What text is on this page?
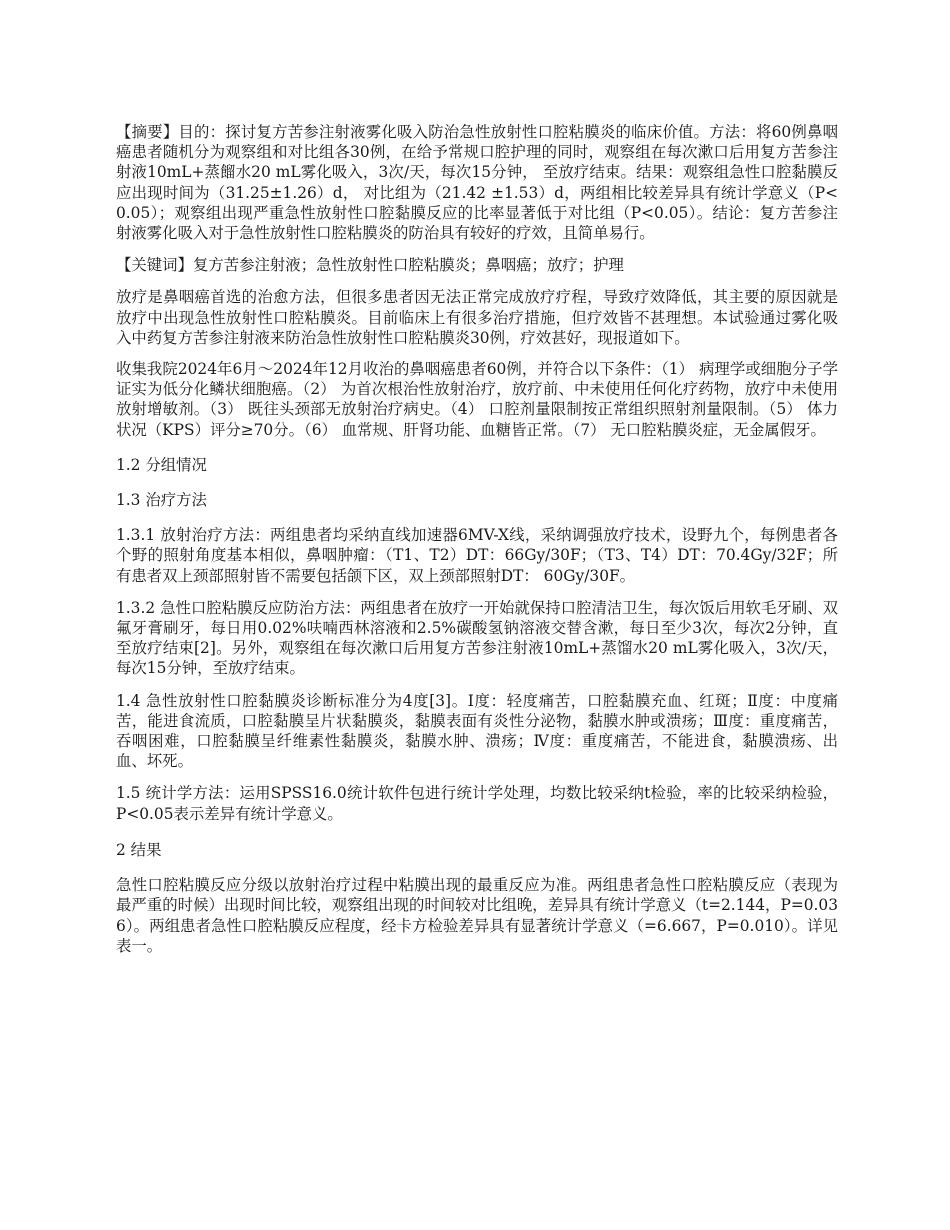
【摘要】目的：探讨复方苦参注射液雾化吸入防治急性放射性口腔粘膜炎的临床价值。方法：将60例鼻咽癌患者随机分为观察组和对比组各30例，在给予常规口腔护理的同时，观察组在每次漱口后用复方苦参注射液10mL+蒸餾水20 mL雾化吸入，3次/天，每次15分钟， 至放疗结束。结果：观察组急性口腔黏膜反应出现时间为（31.25±1.26）d， 对比组为（21.42 ±1.53）d，两组相比较差异具有统计学意义（P<0.05）；观察组出现严重急性放射性口腔黏膜反应的比率显著低于对比组（P<0.05）。结论：复方苦参注射液雾化吸入对于急性放射性口腔粘膜炎的防治具有较好的疗效，且简单易行。

【关键词】复方苦参注射液；急性放射性口腔粘膜炎；鼻咽癌；放疗；护理

放疗是鼻咽癌首选的治愈方法，但很多患者因无法正常完成放疗疗程，导致疗效降低，其主要的原因就是放疗中出现急性放射性口腔粘膜炎。目前临床上有很多治疗措施，但疗效皆不甚理想。本试验通过雾化吸入中药复方苦参注射液来防治急性放射性口腔粘膜炎30例，疗效甚好，现报道如下。

收集我院2024年6月～2024年12月收治的鼻咽癌患者60例，并符合以下条件：（1） 病理学或细胞分子学证实为低分化鳞状细胞癌。（2） 为首次根治性放射治疗，放疗前、中未使用任何化疗药物，放疗中未使用放射增敏剂。（3） 既往头颈部无放射治疗病史。（4） 口腔剂量限制按正常组织照射剂量限制。（5） 体力状况（KPS）评分≥70分。（6） 血常规、肝肾功能、血糖皆正常。（7） 无口腔粘膜炎症，无金属假牙。

1.2 分组情况

1.3 治疗方法

1.3.1 放射治疗方法：两组患者均采纳直线加速器6MV-X线，采纳调强放疗技术，设野九个，每例患者各个野的照射角度基本相似，鼻咽肿瘤：（T1、T2）DT：66Gy/30F；（T3、T4）DT：70.4Gy/32F；所有患者双上颈部照射皆不需要包括颌下区，双上颈部照射DT： 60Gy/30F。

1.3.2 急性口腔粘膜反应防治方法：两组患者在放疗一开始就保持口腔清洁卫生，每次饭后用软毛牙刷、双氟牙膏刷牙，每日用0.02%呋喃西林溶液和2.5%碳酸氢钠溶液交替含漱，每日至少3次，每次2分钟，直至放疗结束[2]。另外，观察组在每次漱口后用复方苦参注射液10mL+蒸馏水20 mL雾化吸入，3次/天，每次15分钟，至放疗结束。

1.4 急性放射性口腔黏膜炎诊断标准分为4度[3]。Ⅰ度：轻度痛苦，口腔黏膜充血、红斑；Ⅱ度：中度痛苦，能进食流质，口腔黏膜呈片状黏膜炎，黏膜表面有炎性分泌物，黏膜水肿或溃疡；Ⅲ度：重度痛苦，吞咽困难，口腔黏膜呈纤维素性黏膜炎，黏膜水肿、溃疡；Ⅳ度：重度痛苦，不能进食，黏膜溃疡、出血、坏死。

1.5 统计学方法：运用SPSS16.0统计软件包进行统计学处理，均数比较采纳t检验，率的比较采纳检验，P<0.05表示差异有统计学意义。

2 结果

急性口腔粘膜反应分级以放射治疗过程中粘膜出现的最重反应为准。两组患者急性口腔粘膜反应（表现为最严重的时候）出现时间比较，观察组出现的时间较对比组晚，差异具有统计学意义（t=2.144，P=0.036）。两组患者急性口腔粘膜反应程度，经卡方检验差异具有显著统计学意义（=6.667，P=0.010）。详见表一。
